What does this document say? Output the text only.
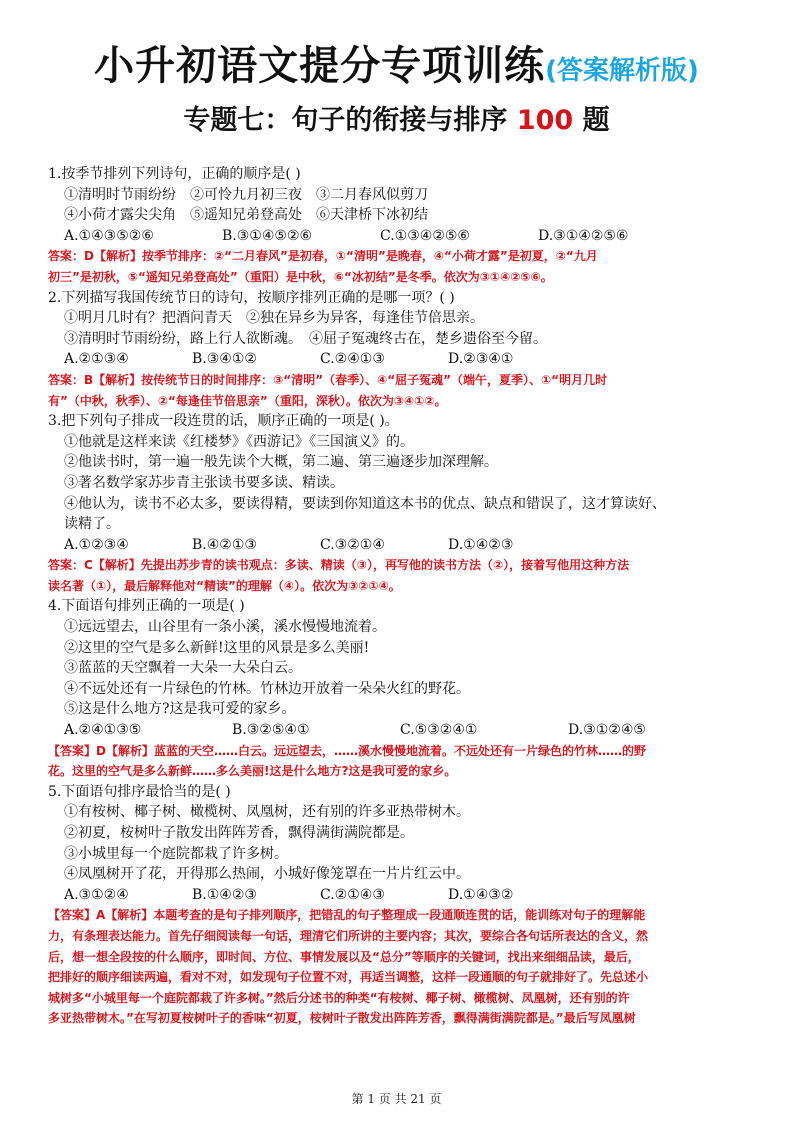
小升初语文提分专项训练(答案解析版)
专题七：句子的衔接与排序 100 题
1.按季节排列下列诗句，正确的顺序是( )
①清明时节雨纷纷　②可怜九月初三夜　③二月春风似剪刀
④小荷才露尖尖角　⑤遥知兄弟登高处　⑥天津桥下冰初结
A.①④③⑤②⑥	B.③①④⑤②⑥	C.①③④②⑤⑥	D.③①④②⑤⑥
答案：D【解析】按季节排序：②“二月春风”是初春，①“清明”是晚春，④“小荷才露”是初夏，②“九月
初三”是初秋，⑤“遥知兄弟登高处”（重阳）是中秋，⑥“冰初结”是冬季。依次为③①④②⑤⑥。
2.下列描写我国传统节日的诗句，按顺序排列正确的是哪一项？( )
①明月几时有？把酒问青天　②独在异乡为异客，每逢佳节倍思亲。
③清明时节雨纷纷，路上行人欲断魂。　④屈子冤魂终古在，楚乡遗俗至今留。
A.②①③④	B.③④①②	C.②④①③	D.②③④①
答案：B【解析】按传统节日的时间排序：③“清明”（春季）、④“屈子冤魂”（端午，夏季）、①“明月几时
有”（中秋，秋季）、②“每逢佳节倍思亲”（重阳，深秋）。依次为③④①②。
3.把下列句子排成一段连贯的话，顺序正确的一项是( )。
①他就是这样来读《红楼梦》《西游记》《三国演义》的。
②他读书时，第一遍一般先读个大概，第二遍、第三遍逐步加深理解。
③著名数学家苏步青主张读书要多读、精读。
④他认为，读书不必太多，要读得精，要读到你知道这本书的优点、缺点和错误了，这才算读好、
读精了。
A.①②③④	B.④②①③	C.③②①④	D.①④②③
答案：C【解析】先提出苏步青的读书观点：多读、精读（③），再写他的读书方法（②），接着写他用这种方法
读名著（①），最后解释他对“精读”的理解（④）。依次为③②①④。
4.下面语句排列正确的一项是( )
①远远望去，山谷里有一条小溪，溪水慢慢地流着。
②这里的空气是多么新鲜!这里的风景是多么美丽!
③蓝蓝的天空飘着一大朵一大朵白云。
④不远处还有一片绿色的竹林。竹林边开放着一朵朵火红的野花。
⑤这是什么地方?这是我可爱的家乡。
A.②④①③⑤	B.③②⑤④①	C.⑤③②④①	D.③①②④⑤
【答案】D【解析】蓝蓝的天空……白云。远远望去，……溪水慢慢地流着。不远处还有一片绿色的竹林……的野
花。这里的空气是多么新鲜……多么美丽!这是什么地方?这是我可爱的家乡。
5.下面语句排序最恰当的是( )
①有桉树、椰子树、橄榄树、凤凰树，还有别的许多亚热带树木。
②初夏，桉树叶子散发出阵阵芳香，飘得满街满院都是。
③小城里每一个庭院都栽了许多树。
④凤凰树开了花，开得那么热闹，小城好像笼罩在一片片红云中。
A.③①②④	B.①④②③	C.②①④③	D.①④③②
【答案】A【解析】本题考查的是句子排列顺序，把错乱的句子整理成一段通顺连贯的话，能训练对句子的理解能
力，有条理表达能力。首先仔细阅读每一句话，理清它们所讲的主要内容；其次，要综合各句话所表达的含义，然
后，想一想全段按的什么顺序，即时间、方位、事情发展以及“总分”等顺序的关键词，找出来细细品读，最后，
把排好的顺序细读两遍，看对不对，如发现句子位置不对，再适当调整，这样一段通顺的句子就排好了。先总述小
城树多“小城里每一个庭院都栽了许多树。”然后分述书的种类“有桉树、椰子树、橄榄树、凤凰树，还有别的许
多亚热带树木。”在写初夏桉树叶子的香味“初夏，桉树叶子散发出阵阵芳香，飘得满街满院都是。”最后写凤凰树
第 1 页 共 21 页
